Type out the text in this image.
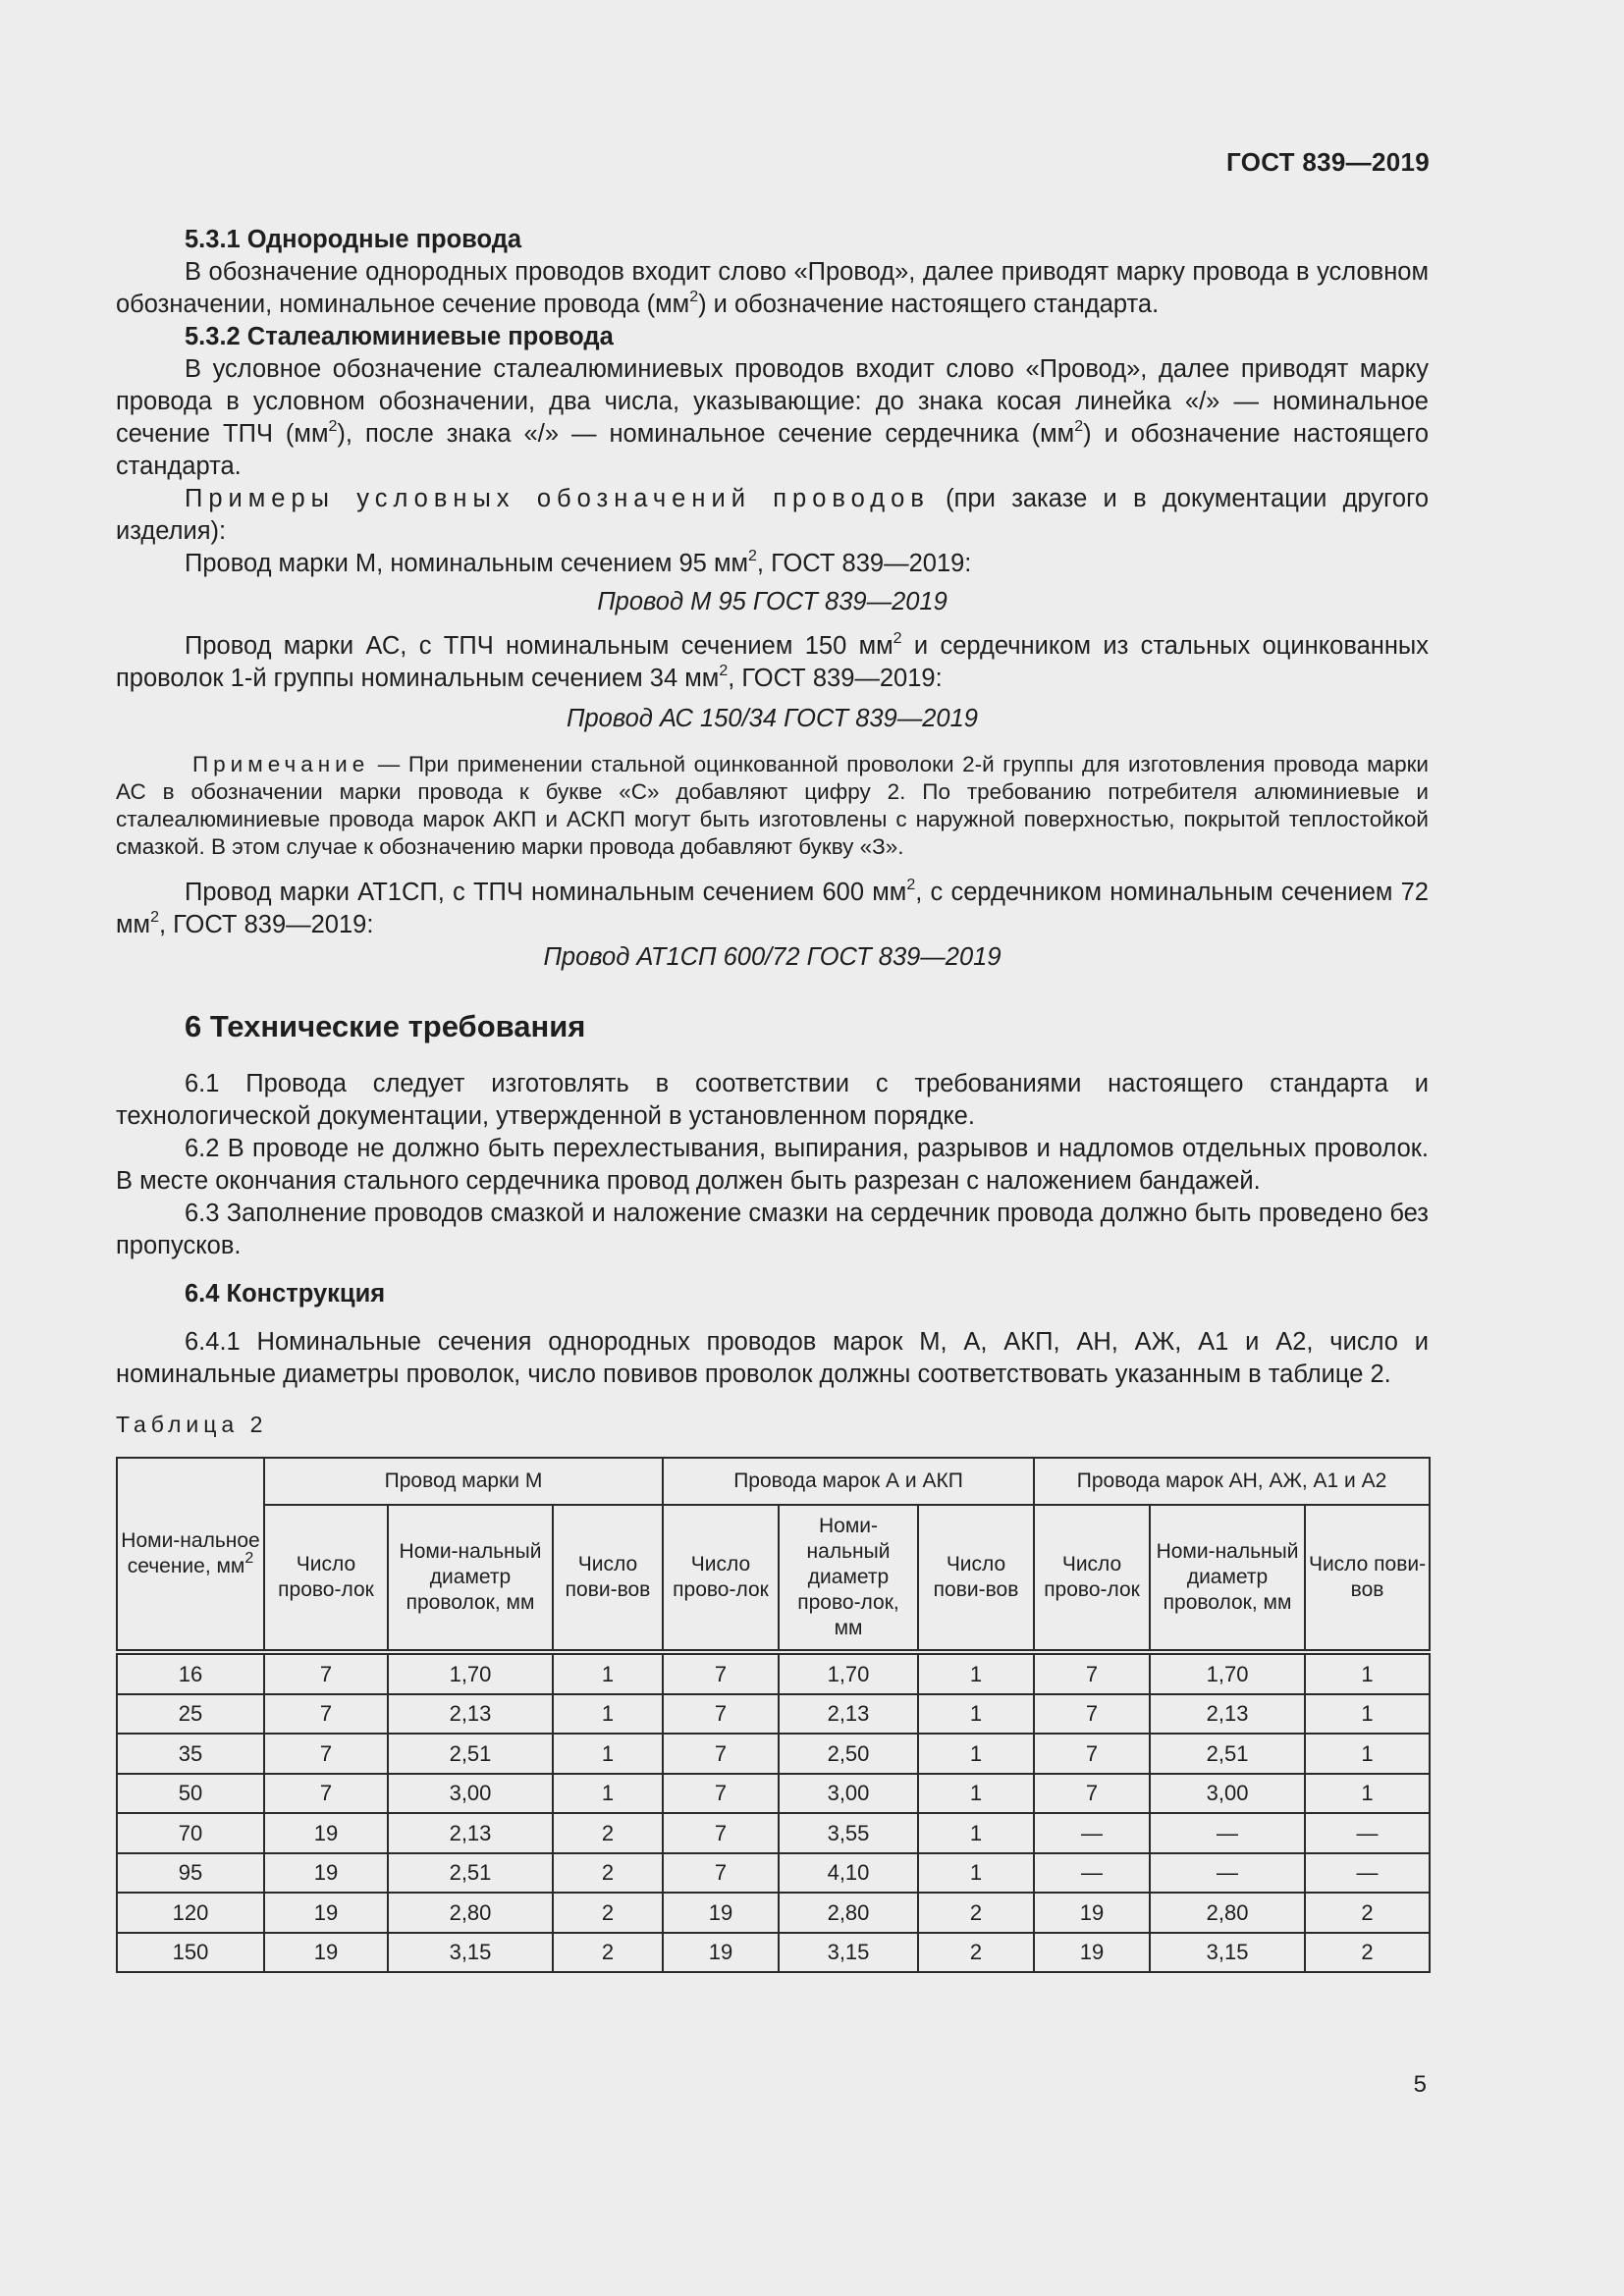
ГОСТ 839—2019

5.3.1 Однородные провода

В обозначение однородных проводов входит слово «Провод», далее приводят марку провода в условном обозначении, номинальное сечение провода $(мм^2)$ и обозначение настоящего стандарта.

5.3.2 Сталеалюминиевые провода

В условное обозначение сталеалюминиевых проводов входит слово «Провод», далее приводят марку провода в условном обозначении, два числа, указывающие: до знака косая линейка «/» — номинальное сечение ТПЧ $(мм^2)$, после знака «/» — номинальное сечение сердечника $(мм^2)$ и обозначение настоящего стандарта.

Примеры условных обозначений проводов (при заказе и в документации другого изделия):

Провод марки М, номинальным сечением 95 $мм^2$, ГОСТ 839—2019:

Провод М 95 ГОСТ 839—2019

Провод марки АС, с ТПЧ номинальным сечением 150 $мм^2$ и сердечником из стальных оцинкованных проволок 1-й группы номинальным сечением 34 $мм^2$, ГОСТ 839—2019:

Провод АС 150/34 ГОСТ 839—2019

Примечание — При применении стальной оцинкованной проволоки 2-й группы для изготовления провода марки АС в обозначении марки провода к букве «С» добавляют цифру 2. По требованию потребителя алюминиевые и сталеалюминиевые провода марок АКП и АСКП могут быть изготовлены с наружной поверхностью, покрытой теплостойкой смазкой. В этом случае к обозначению марки провода добавляют букву «З».

Провод марки АТ1СП, с ТПЧ номинальным сечением 600 $мм^2$, с сердечником номинальным сечением 72 $мм^2$, ГОСТ 839—2019:

Провод АТ1СП 600/72 ГОСТ 839—2019

6 Технические требования

6.1 Провода следует изготовлять в соответствии с требованиями настоящего стандарта и технологической документации, утвержденной в установленном порядке.

6.2 В проводе не должно быть перехлестывания, выпирания, разрывов и надломов отдельных проволок. В месте окончания стального сердечника провод должен быть разрезан с наложением бандажей.

6.3 Заполнение проводов смазкой и наложение смазки на сердечник провода должно быть проведено без пропусков.

6.4 Конструкция

6.4.1 Номинальные сечения однородных проводов марок М, А, АКП, АН, АЖ, А1 и А2, число и номинальные диаметры проволок, число повивов проволок должны соответствовать указанным в таблице 2.

Таблица 2

Номи-нальное сечение, $мм^2$	Провод марки М			Провода марок А и АКП			Провода марок АН, АЖ, А1 и А2		
	Число прово-лок	Номи-нальный диаметр проволок, мм	Число пови-вов	Число прово-лок	Номи-нальный диаметр прово-лок, мм	Число пови-вов	Число прово-лок	Номи-нальный диаметр проволок, мм	Число пови-вов
16	7	1,70	1	7	1,70	1	7	1,70	1
25	7	2,13	1	7	2,13	1	7	2,13	1
35	7	2,51	1	7	2,50	1	7	2,51	1
50	7	3,00	1	7	3,00	1	7	3,00	1
70	19	2,13	2	7	3,55	1	—	—	—
95	19	2,51	2	7	4,10	1	—	—	—
120	19	2,80	2	19	2,80	2	19	2,80	2
150	19	3,15	2	19	3,15	2	19	3,15	2
5
